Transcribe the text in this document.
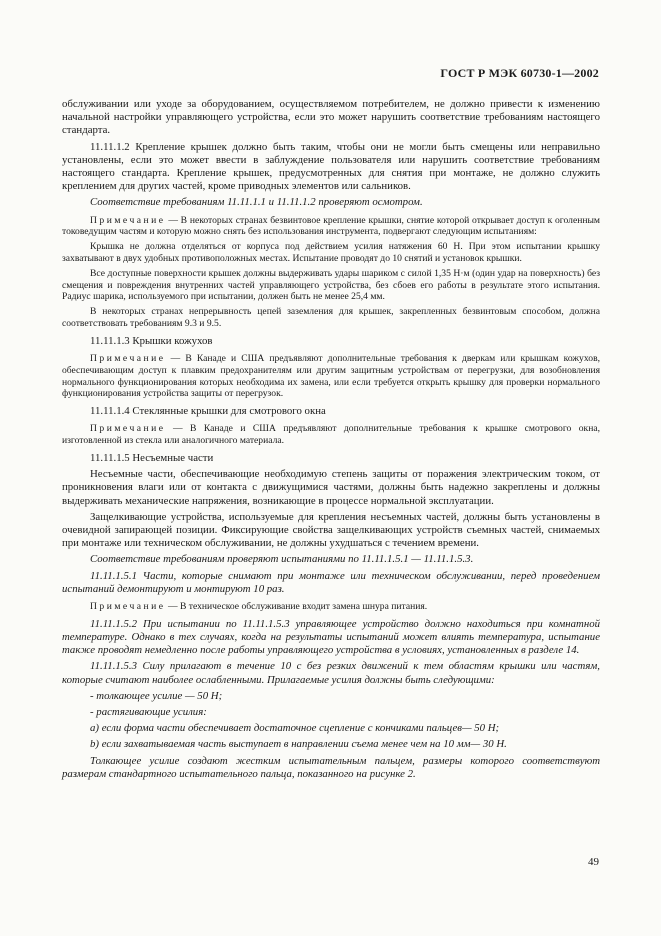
ГОСТ Р МЭК 60730-1—2002

обслуживании или уходе за оборудованием, осуществляемом потребителем, не должно привести к изменению начальной настройки управляющего устройства, если это может нарушить соответствие требованиям настоящего стандарта.

11.11.1.2 Крепление крышек должно быть таким, чтобы они не могли быть смещены или неправильно установлены, если это может ввести в заблуждение пользователя или нарушить соответствие требованиям настоящего стандарта. Крепление крышек, предусмотренных для снятия при монтаже, не должно служить креплением для других частей, кроме приводных элементов или сальников.

Соответствие требованиям 11.11.1.1 и 11.11.1.2 проверяют осмотром.

Примечание — В некоторых странах безвинтовое крепление крышки, снятие которой открывает доступ к оголенным токоведущим частям и которую можно снять без использования инструмента, подвергают следующим испытаниям:

Крышка не должна отделяться от корпуса под действием усилия натяжения 60 Н. При этом испытании крышку захватывают в двух удобных противоположных местах. Испытание проводят до 10 снятий и установок крышки.

Все доступные поверхности крышек должны выдерживать удары шариком с силой 1,35 Н·м (один удар на поверхность) без смещения и повреждения внутренних частей управляющего устройства, без сбоев его работы в результате этого испытания. Радиус шарика, используемого при испытании, должен быть не менее 25,4 мм.

В некоторых странах непрерывность цепей заземления для крышек, закрепленных безвинтовым способом, должна соответствовать требованиям 9.3 и 9.5.

11.11.1.3 Крышки кожухов

Примечание — В Канаде и США предъявляют дополнительные требования к дверкам или крышкам кожухов, обеспечивающим доступ к плавким предохранителям или другим защитным устройствам от перегрузки, для возобновления нормального функционирования которых необходима их замена, или если требуется открыть крышку для проверки нормального функционирования устройства защиты от перегрузок.

11.11.1.4 Стеклянные крышки для смотрового окна

Примечание — В Канаде и США предъявляют дополнительные требования к крышке смотрового окна, изготовленной из стекла или аналогичного материала.

11.11.1.5 Несъемные части

Несъемные части, обеспечивающие необходимую степень защиты от поражения электрическим током, от проникновения влаги или от контакта с движущимися частями, должны быть надежно закреплены и должны выдерживать механические напряжения, возникающие в процессе нормальной эксплуатации.

Защелкивающие устройства, используемые для крепления несъемных частей, должны быть установлены в очевидной запирающей позиции. Фиксирующие свойства защелкивающих устройств съемных частей, снимаемых при монтаже или техническом обслуживании, не должны ухудшаться с течением времени.

Соответствие требованиям проверяют испытаниями по 11.11.1.5.1 — 11.11.1.5.3.

11.11.1.5.1 Части, которые снимают при монтаже или техническом обслуживании, перед проведением испытаний демонтируют и монтируют 10 раз.

Примечание — В техническое обслуживание входит замена шнура питания.

11.11.1.5.2 При испытании по 11.11.1.5.3 управляющее устройство должно находиться при комнатной температуре. Однако в тех случаях, когда на результаты испытаний может влиять температура, испытание также проводят немедленно после работы управляющего устройства в условиях, установленных в разделе 14.

11.11.1.5.3 Силу прилагают в течение 10 с без резких движений к тем областям крышки или частям, которые считают наиболее ослабленными. Прилагаемые усилия должны быть следующими:

- толкающее усилие — 50 Н;

- растягивающие усилия:

а) если форма части обеспечивает достаточное сцепление с кончиками пальцев— 50 Н;

b) если захватываемая часть выступает в направлении съема менее чем на 10 мм— 30 Н.

Толкающее усилие создают жестким испытательным пальцем, размеры которого соответствуют размерам стандартного испытательного пальца, показанного на рисунке 2.

49
